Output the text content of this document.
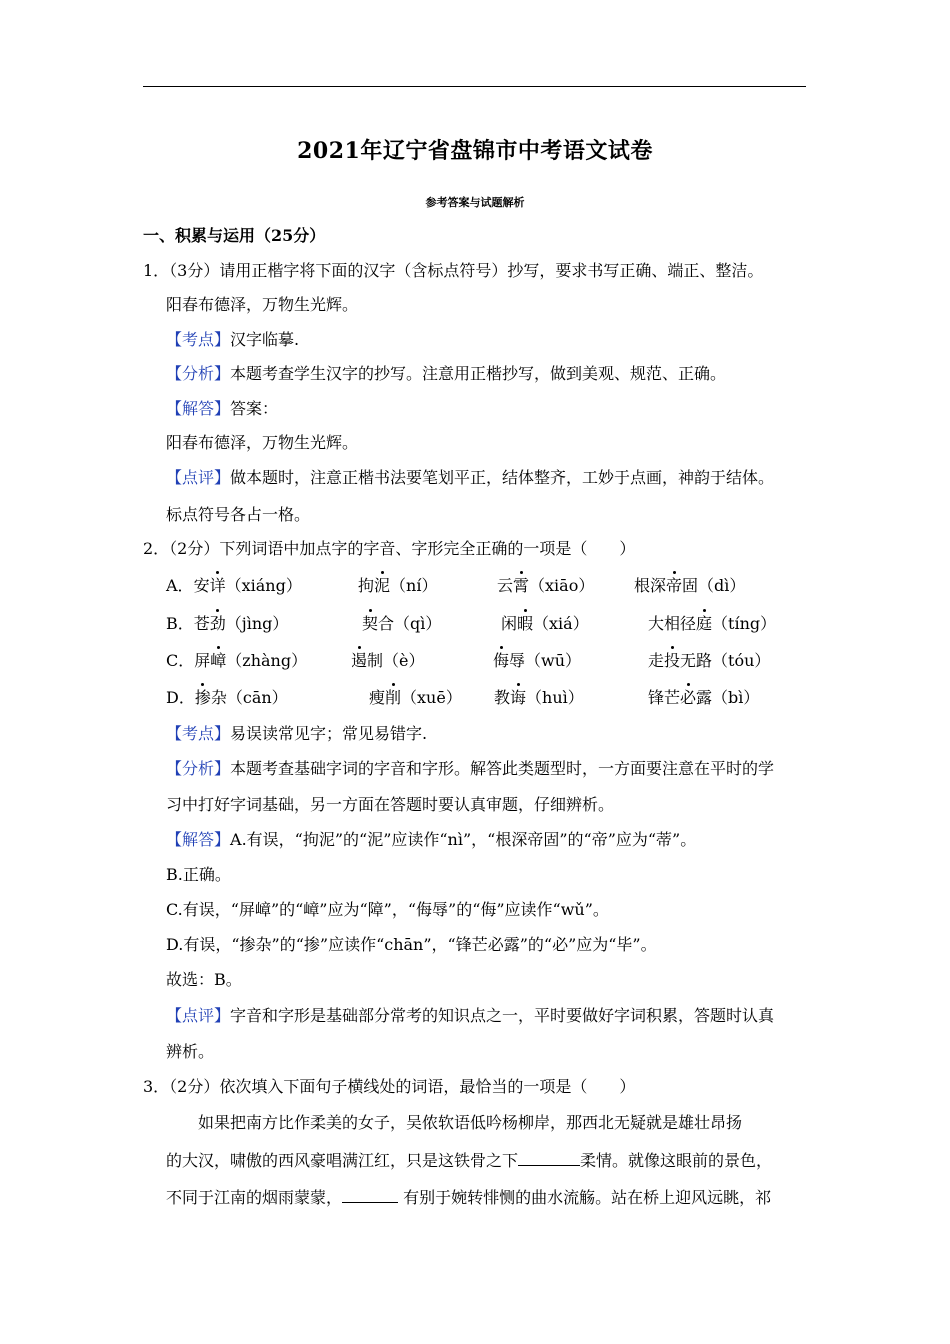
2021年辽宁省盘锦市中考语文试卷
参考答案与试题解析
一、积累与运用（25分）
1．（3分）请用正楷字将下面的汉字（含标点符号）抄写，要求书写正确、端正、整洁。
阳春布德泽，万物生光辉。
【考点】汉字临摹.
【分析】本题考查学生汉字的抄写。注意用正楷抄写，做到美观、规范、正确。
【解答】答案：
阳春布德泽，万物生光辉。
【点评】做本题时，注意正楷书法要笔划平正，结体整齐，工妙于点画，神韵于结体。
标点符号各占一格。
2．（2分）下列词语中加点字的字音、字形完全正确的一项是（　　）
A．安详（xiáng）	拘泥（ní）	云霄（xiāo） 根深帝固（dì）
B．苍劲（jìng）	契合（qì）	闲暇（xiá）	大相径庭（tíng）
C．屏嶂（zhàng）	遏制（è）	侮辱（wū）	走投无路（tóu）
D．掺杂（cān）	瘦削（xuē） 教诲（huì）	锋芒必露（bì）
【考点】易误读常见字；常见易错字.
【分析】本题考查基础字词的字音和字形。解答此类题型时，一方面要注意在平时的学
习中打好字词基础，另一方面在答题时要认真审题，仔细辨析。
【解答】A.有误，“拘泥”的“泥”应读作“nì”，“根深帝固”的“帝”应为“蒂”。
B.正确。
C.有误，“屏嶂”的“嶂”应为“障”，“侮辱”的“侮”应读作“wǔ”。
D.有误，“掺杂”的“掺”应读作“chān”，“锋芒必露”的“必”应为“毕”。
故选：B。
【点评】字音和字形是基础部分常考的知识点之一，平时要做好字词积累，答题时认真
辨析。
3．（2分）依次填入下面句子横线处的词语，最恰当的一项是（　　）
如果把南方比作柔美的女子，吴侬软语低吟杨柳岸，那西北无疑就是雄壮昂扬
的大汉，啸傲的西风豪唱满江红，只是这铁骨之下	柔情。就像这眼前的景色，
不同于江南的烟雨蒙蒙，	有别于婉转悱恻的曲水流觞。站在桥上迎风远眺，祁
